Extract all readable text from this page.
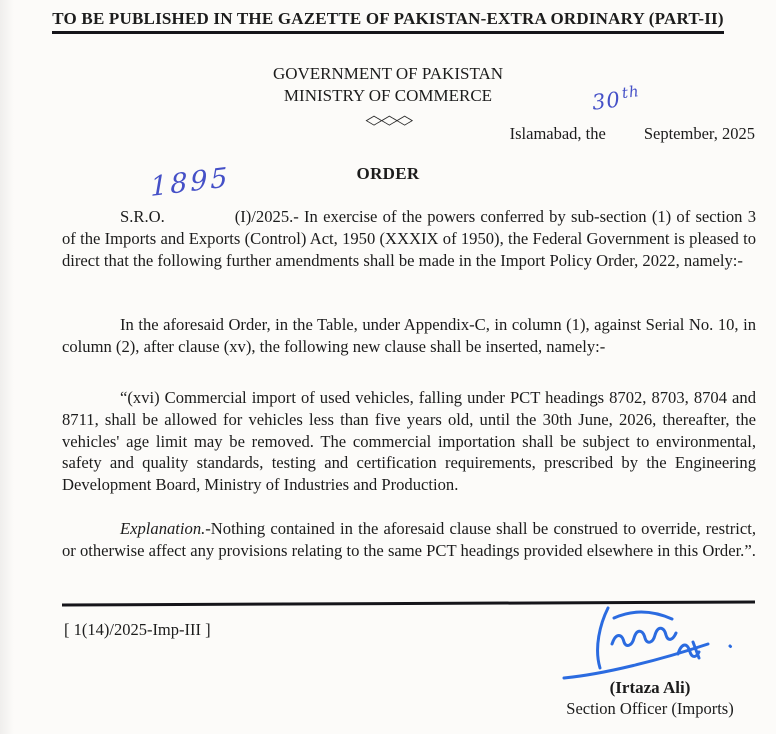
TO BE PUBLISHED IN THE GAZETTE OF PAKISTAN-EXTRA ORDINARY (PART-II)
GOVERNMENT OF PAKISTAN
MINISTRY OF COMMERCE
◇◇◇
30th
Islamabad, the September, 2025
ORDER
1895

S.R.O.	(I)/2025.- In exercise of the powers conferred by sub-section (1) of section 3 of the Imports and Exports (Control) Act, 1950 (XXXIX of 1950), the Federal Government is pleased to direct that the following further amendments shall be made in the Import Policy Order, 2022, namely:-

In the aforesaid Order, in the Table, under Appendix-C, in column (1), against Serial No. 10, in column (2), after clause (xv), the following new clause shall be inserted, namely:-

“(xvi) Commercial import of used vehicles, falling under PCT headings 8702, 8703, 8704 and 8711, shall be allowed for vehicles less than five years old, until the 30th June, 2026, thereafter, the vehicles' age limit may be removed. The commercial importation shall be subject to environmental, safety and quality standards, testing and certification requirements, prescribed by the Engineering Development Board, Ministry of Industries and Production.

Explanation.-Nothing contained in the aforesaid clause shall be construed to override, restrict, or otherwise affect any provisions relating to the same PCT headings provided elsewhere in this Order.”.

[ 1(14)/2025-Imp-III ]
(Irtaza Ali)
Section Officer (Imports)
